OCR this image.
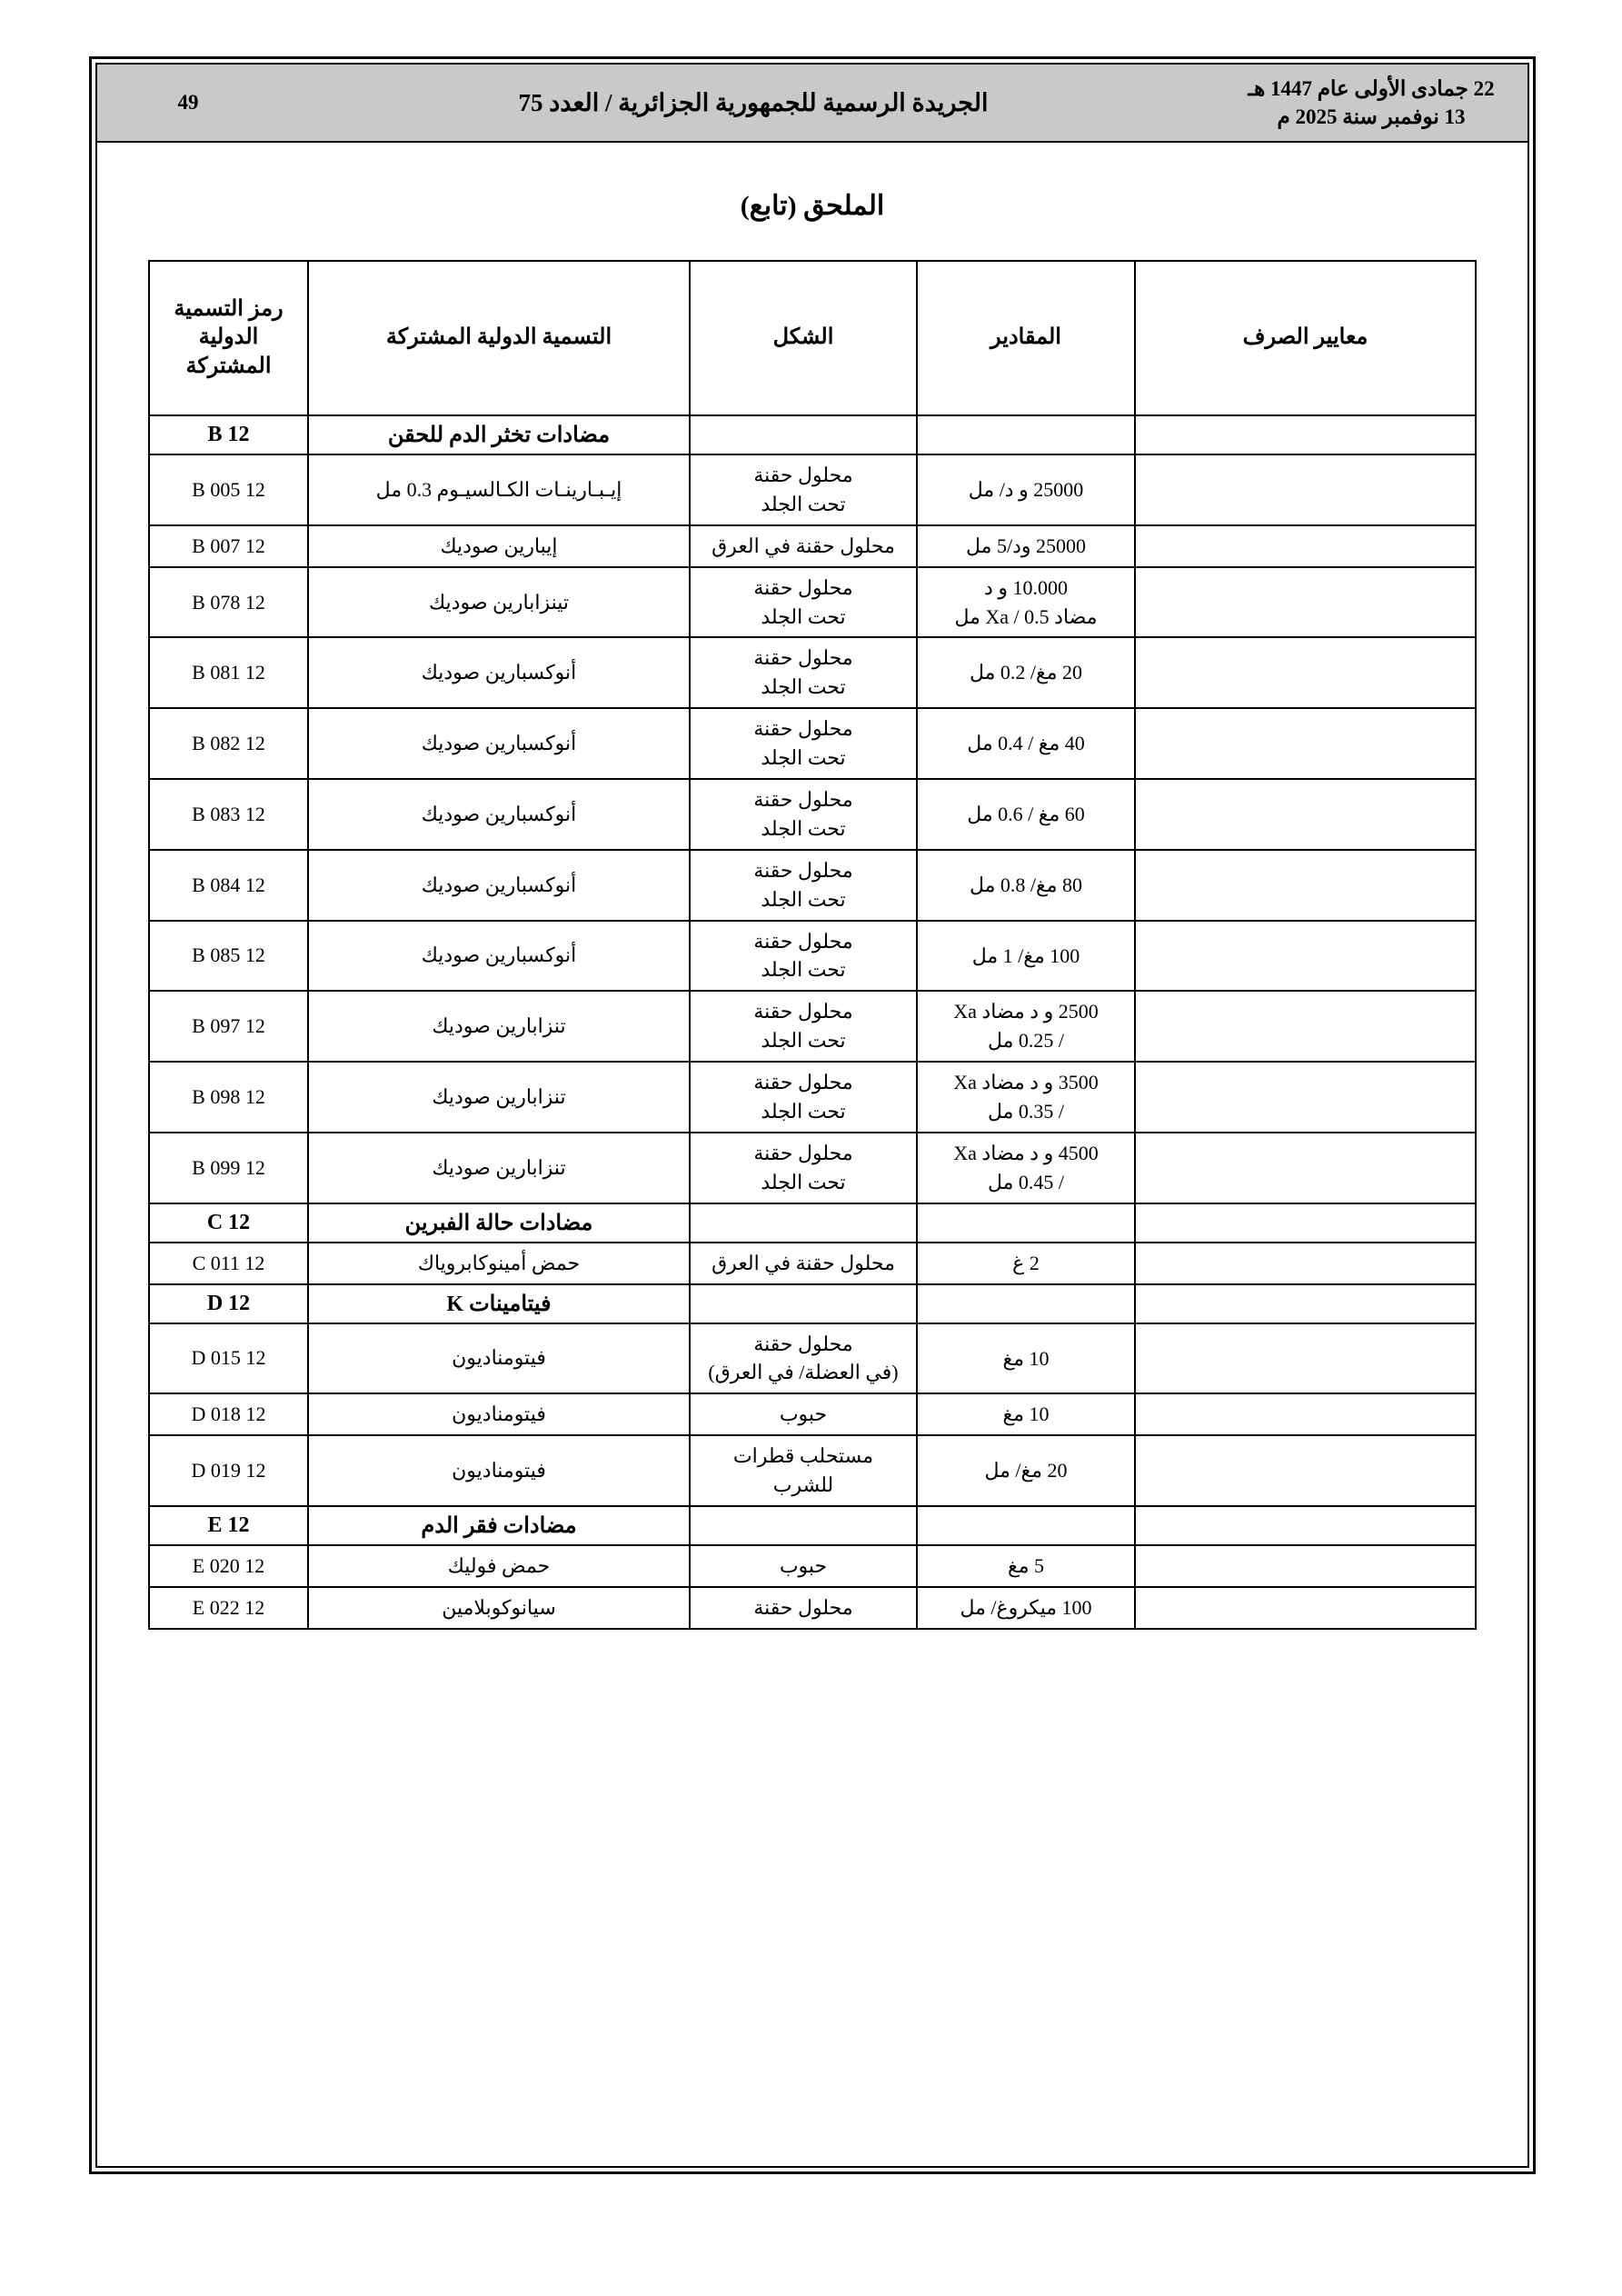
22 جمادى الأولى عام 1447 هـ
13 نوفمبر سنة 2025 م
الجريدة الرسمية للجمهورية الجزائرية / العدد 75
49
الملحق (تابع)
معايير الصرف	المقادير	الشكل	التسمية الدولية المشتركة	رمز التسمية الدولية المشتركة
			مضادات تخثر الدم للحقن	12 B
	25000 و د/ مل	محلول حقنة
تحت الجلد	إيـبـارينـات الكـالسيـوم 0.3 مل	12 B 005
	25000 ود/5 مل	محلول حقنة في العرق	إيبارين صوديك	12 B 007
	10.000 و د
مضاد Xa / 0.5 مل	محلول حقنة
تحت الجلد	تينزابارين صوديك	12 B 078
	20 مغ/ 0.2 مل	محلول حقنة
تحت الجلد	أنوكسبارين صوديك	12 B 081
	40 مغ / 0.4 مل	محلول حقنة
تحت الجلد	أنوكسبارين صوديك	12 B 082
	60 مغ / 0.6 مل	محلول حقنة
تحت الجلد	أنوكسبارين صوديك	12 B 083
	80 مغ/ 0.8 مل	محلول حقنة
تحت الجلد	أنوكسبارين صوديك	12 B 084
	100 مغ/ 1 مل	محلول حقنة
تحت الجلد	أنوكسبارين صوديك	12 B 085
	2500 و د مضاد Xa
/ 0.25 مل	محلول حقنة
تحت الجلد	تنزابارين صوديك	12 B 097
	3500 و د مضاد Xa
/ 0.35 مل	محلول حقنة
تحت الجلد	تنزابارين صوديك	12 B 098
	4500 و د مضاد Xa
/ 0.45 مل	محلول حقنة
تحت الجلد	تنزابارين صوديك	12 B 099
			مضادات حالة الفبرين	12 C
	2 غ	محلول حقنة في العرق	حمض أمينوكابروياك	12 C 011
			فيتامينات K	12 D
	10 مغ	محلول حقنة
(في العضلة/ في العرق)	فيتومناديون	12 D 015
	10 مغ	حبوب	فيتومناديون	12 D 018
	20 مغ/ مل	مستحلب قطرات
للشرب	فيتومناديون	12 D 019
			مضادات فقر الدم	12 E
	5 مغ	حبوب	حمض فوليك	12 E 020
	100 ميكروغ/ مل	محلول حقنة	سيانوكوبلامين	12 E 022
